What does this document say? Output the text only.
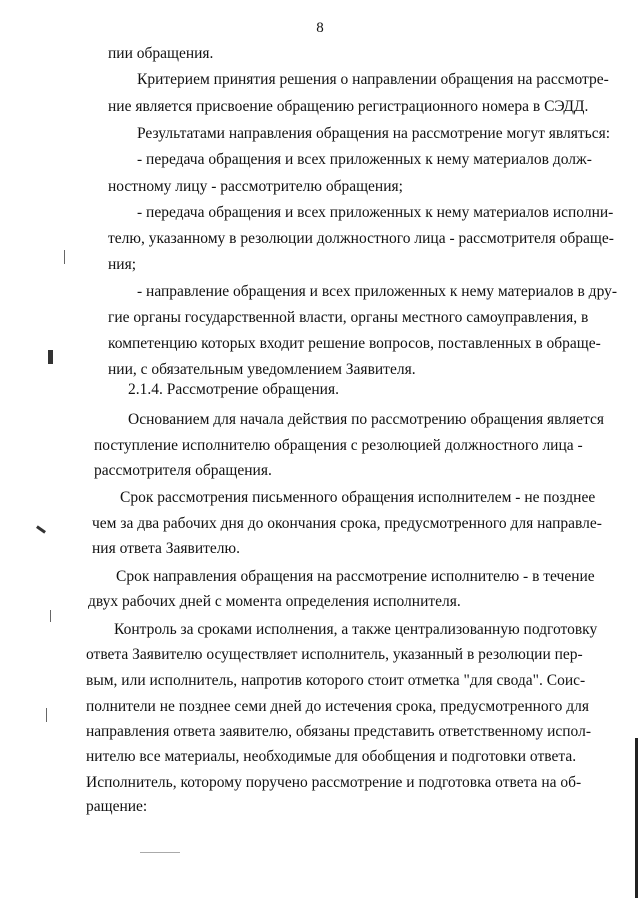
8
пии обращения.
Критерием принятия решения о направлении обращения на рассмотре-
ние является присвоение обращению регистрационного номера в СЭДД.
Результатами направления обращения на рассмотрение могут являться:
- передача обращения и всех приложенных к нему материалов долж-
ностному лицу - рассмотрителю обращения;
- передача обращения и всех приложенных к нему материалов исполни-
телю, указанному в резолюции должностного лица - рассмотрителя обраще-
ния;
- направление обращения и всех приложенных к нему материалов в дру-
гие органы государственной власти, органы местного самоуправления, в
компетенцию которых входит решение вопросов, поставленных в обраще-
нии, с обязательным уведомлением Заявителя.
2.1.4. Рассмотрение обращения.
Основанием для начала действия по рассмотрению обращения является
поступление исполнителю обращения с резолюцией должностного лица -
рассмотрителя обращения.
Срок рассмотрения письменного обращения исполнителем - не позднее
чем за два рабочих дня до окончания срока, предусмотренного для направле-
ния ответа Заявителю.
Срок направления обращения на рассмотрение исполнителю - в течение
двух рабочих дней с момента определения исполнителя.
Контроль за сроками исполнения, а также централизованную подготовку
ответа Заявителю осуществляет исполнитель, указанный в резолюции пер-
вым, или исполнитель, напротив которого стоит отметка "для свода". Соис-
полнители не позднее семи дней до истечения срока, предусмотренного для
направления ответа заявителю, обязаны представить ответственному испол-
нителю все материалы, необходимые для обобщения и подготовки ответа.
Исполнитель, которому поручено рассмотрение и подготовка ответа на об-
ращение:
